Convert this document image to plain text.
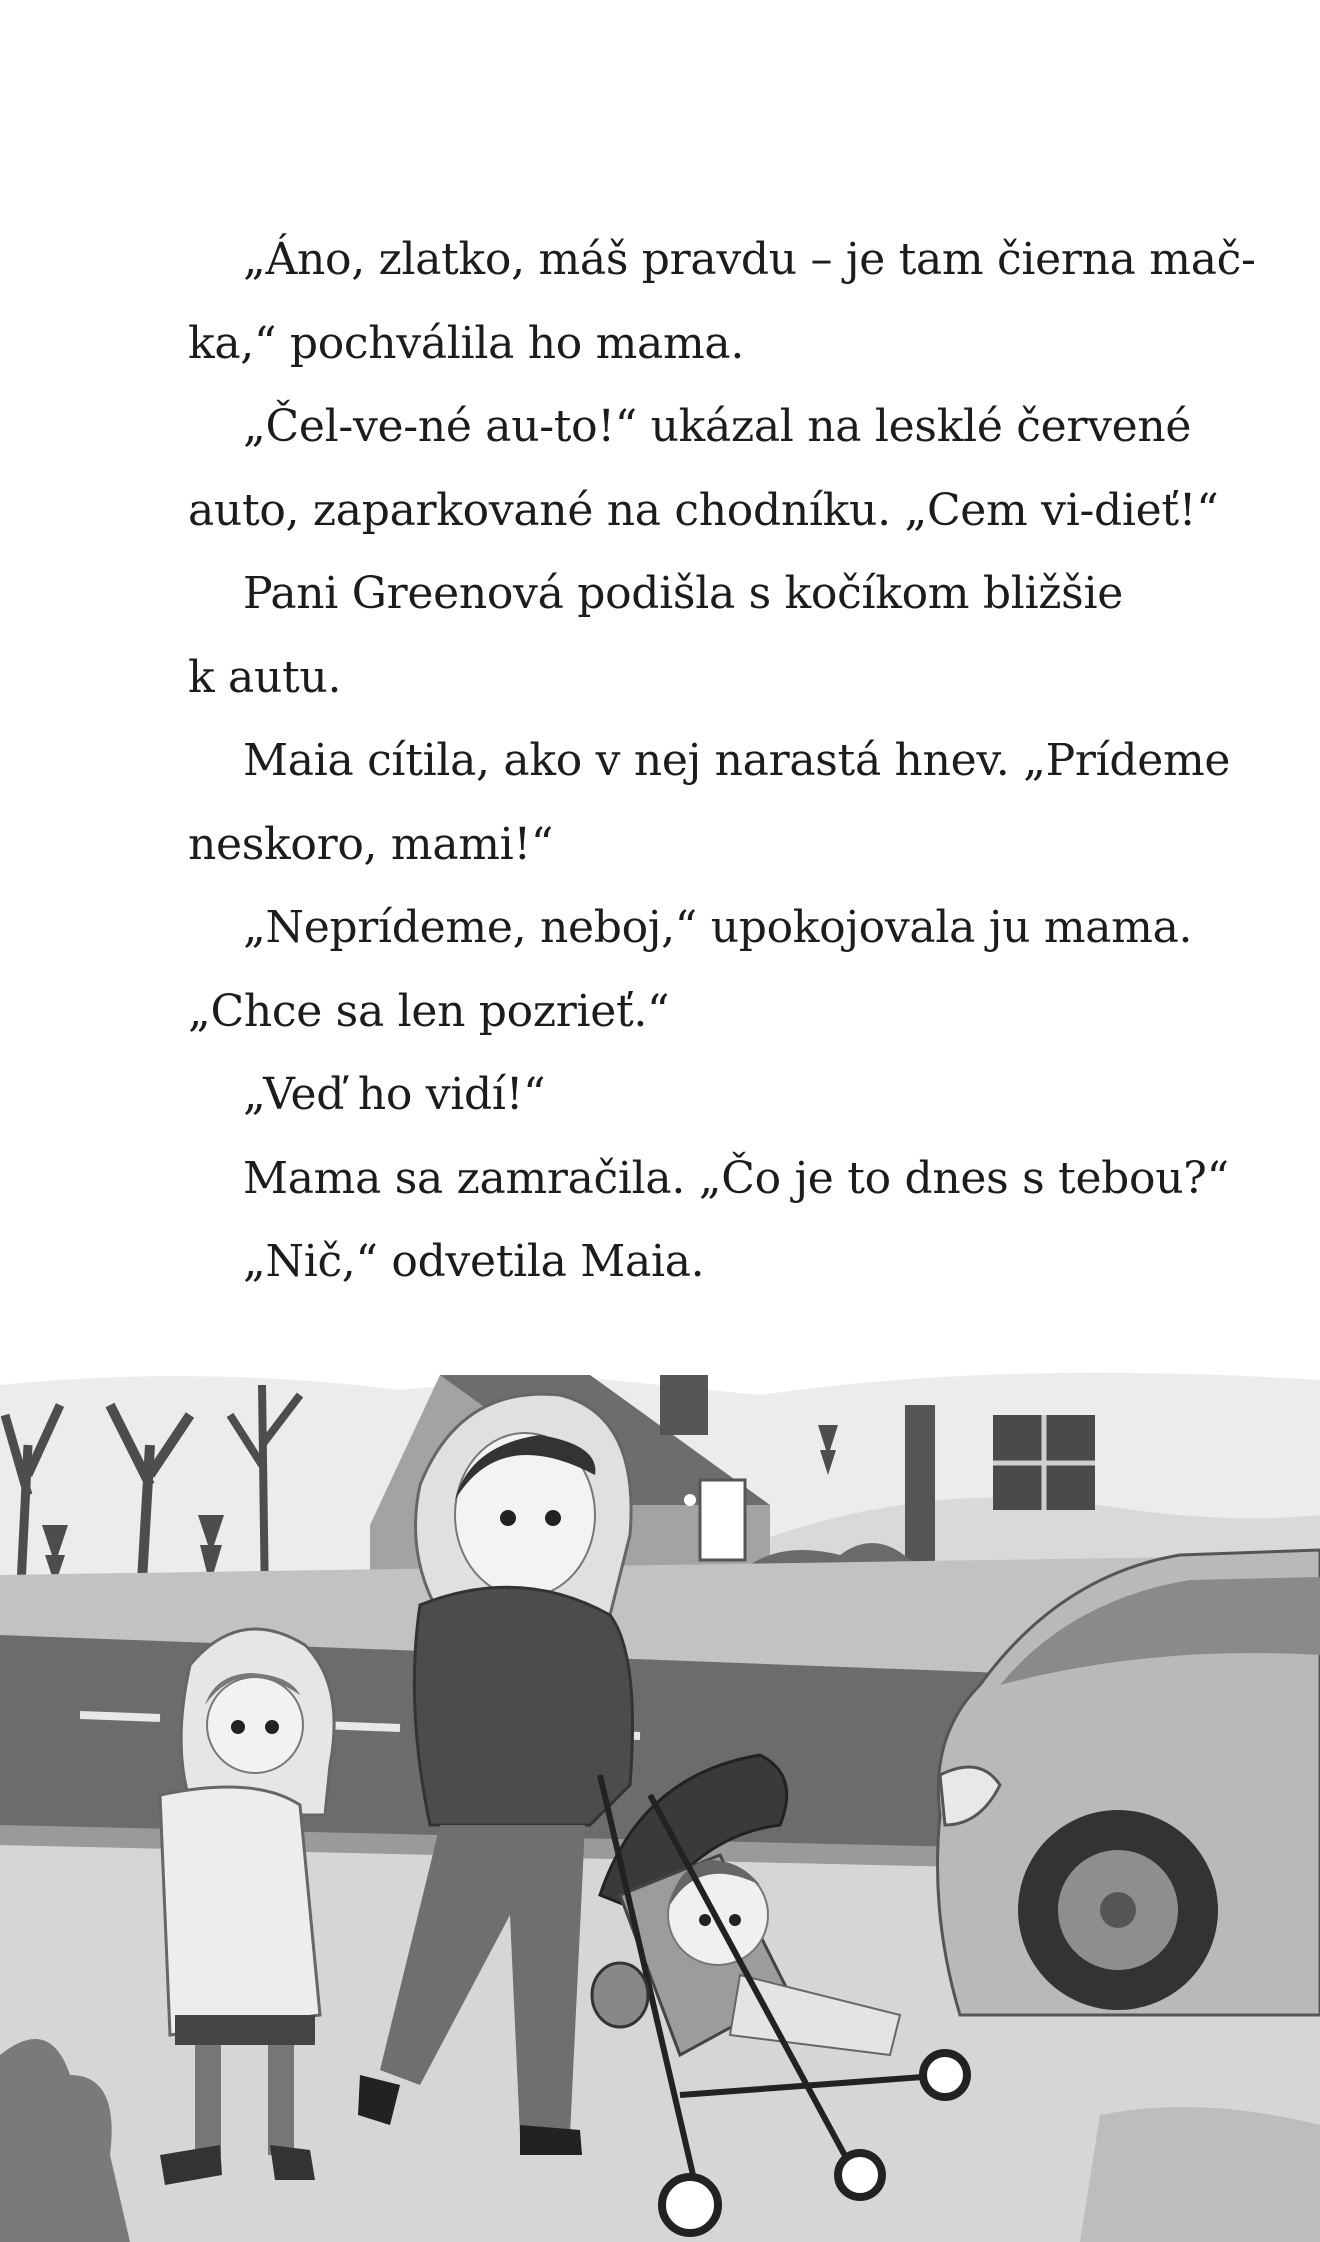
„Áno, zlatko, máš pravdu – je tam čierna mač-
ka,“ pochválila ho mama.
„Čel-ve-né au-to!“ ukázal na lesklé červené
auto, zaparkované na chodníku. „Cem vi-dieť!“
Pani Greenová podišla s kočíkom bližšie
k autu.
Maia cítila, ako v nej narastá hnev. „Prídeme
neskoro, mami!“
„Neprídeme, neboj,“ upokojovala ju mama.
„Chce sa len pozrieť.“
„Veď ho vidí!“
Mama sa zamračila. „Čo je to dnes s tebou?“
„Nič,“ odvetila Maia.
